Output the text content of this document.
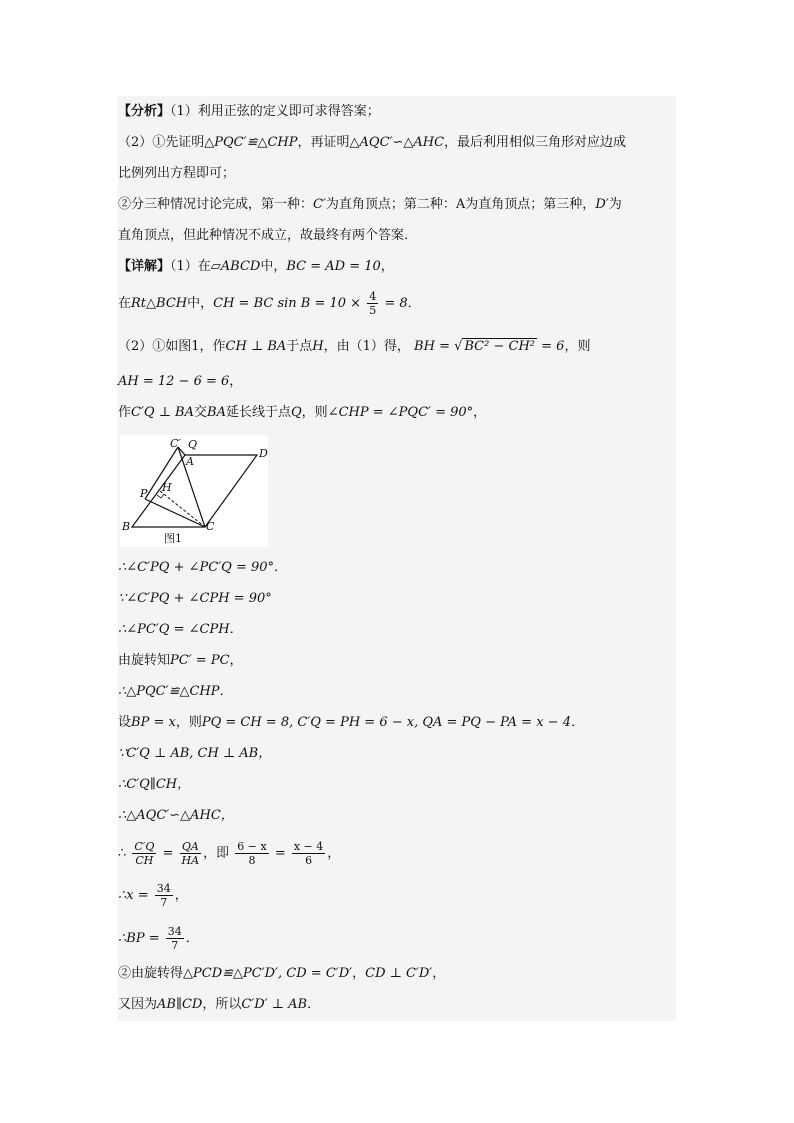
【分析】（1）利用正弦的定义即可求得答案；
（2）①先证明△PQC′≌△CHP，再证明△AQC′∽△AHC，最后利用相似三角形对应边成
比例列出方程即可；
②分三种情况讨论完成，第一种：C′为直角顶点；第二种：A为直角顶点；第三种，D′为
直角顶点，但此种情况不成立，故最终有两个答案．
【详解】（1）在▱ABCD中，BC = AD = 10，
在Rt△BCH中，CH = BC $\sin B = 10 \times \frac{4}{5} = 8$．
（2）①如图1，作CH ⊥ BA于点H，由（1）得， BH = √ BC² − CH² = 6，则
AH = 12 − 6 = 6，
作C′Q ⊥ BA交BA延长线于点Q，则∠CHP = ∠PQC′ = 90°，
C′ Q
A
D
P H
B	C
图1
∴∠C′PQ + ∠PC′Q = 90°．
∵∠C′PQ + ∠CPH = 90°
∴∠PC′Q = ∠CPH．
由旋转知PC′ = PC，
∴△PQC′≌△CHP．
设BP = x，则PQ = CH = 8, C′Q = PH = 6 − x, QA = PQ − PA = x − 4．
∵C′Q ⊥ AB, CH ⊥ AB，
∴C′Q∥CH，
∴△AQC′∽△AHC，
∴ $\frac{C'Q}{CH} = \frac{QA}{HA}$ ，即 $\frac{6 - x}{8} = \frac{x - 4}{6}$ ，
∴x = $\frac{34}{7}$ ，
∴BP = $\frac{34}{7}$ ．
②由旋转得△PCD≌△PC′D′, CD = C′D′，CD ⊥ C′D′，
又因为AB∥CD，所以C′D′ ⊥ AB．
